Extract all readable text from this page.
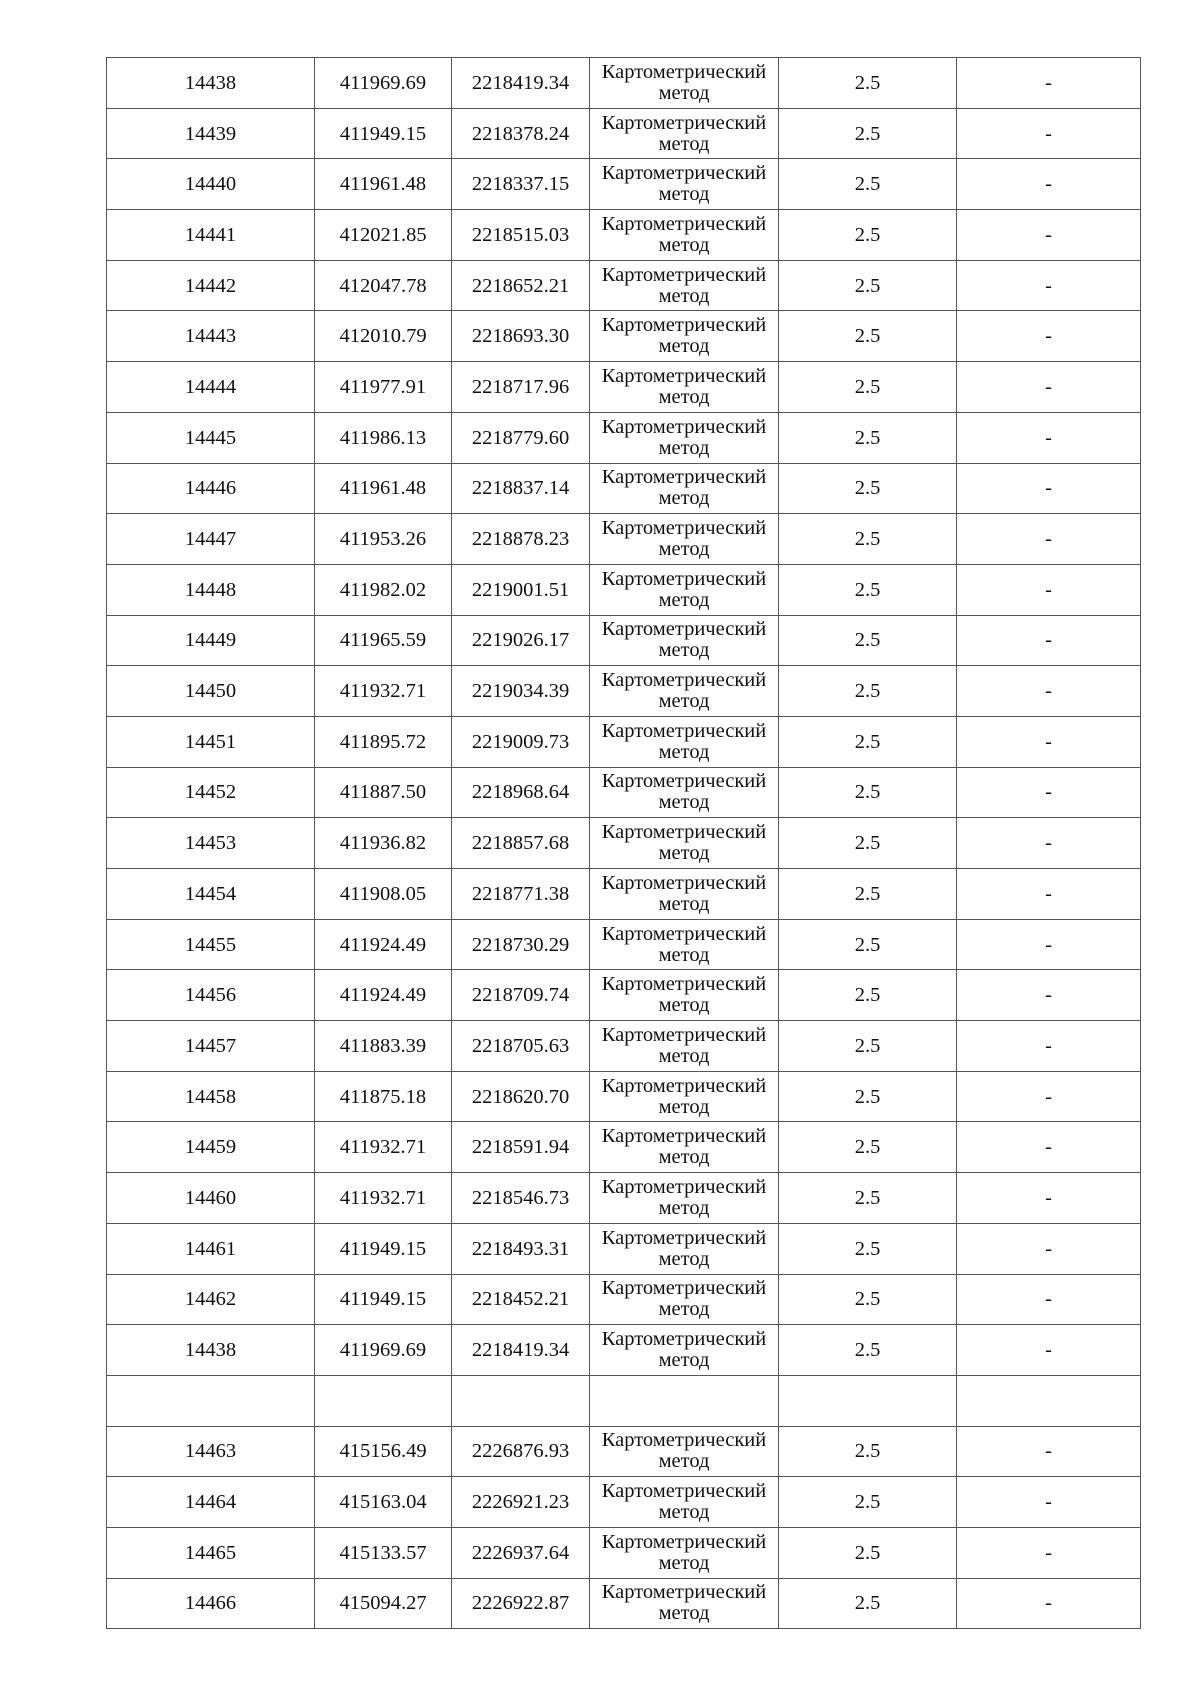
14438	411969.69	2218419.34	Картометрический
метод	2.5	-
14439	411949.15	2218378.24	Картометрический
метод	2.5	-
14440	411961.48	2218337.15	Картометрический
метод	2.5	-
14441	412021.85	2218515.03	Картометрический
метод	2.5	-
14442	412047.78	2218652.21	Картометрический
метод	2.5	-
14443	412010.79	2218693.30	Картометрический
метод	2.5	-
14444	411977.91	2218717.96	Картометрический
метод	2.5	-
14445	411986.13	2218779.60	Картометрический
метод	2.5	-
14446	411961.48	2218837.14	Картометрический
метод	2.5	-
14447	411953.26	2218878.23	Картометрический
метод	2.5	-
14448	411982.02	2219001.51	Картометрический
метод	2.5	-
14449	411965.59	2219026.17	Картометрический
метод	2.5	-
14450	411932.71	2219034.39	Картометрический
метод	2.5	-
14451	411895.72	2219009.73	Картометрический
метод	2.5	-
14452	411887.50	2218968.64	Картометрический
метод	2.5	-
14453	411936.82	2218857.68	Картометрический
метод	2.5	-
14454	411908.05	2218771.38	Картометрический
метод	2.5	-
14455	411924.49	2218730.29	Картометрический
метод	2.5	-
14456	411924.49	2218709.74	Картометрический
метод	2.5	-
14457	411883.39	2218705.63	Картометрический
метод	2.5	-
14458	411875.18	2218620.70	Картометрический
метод	2.5	-
14459	411932.71	2218591.94	Картометрический
метод	2.5	-
14460	411932.71	2218546.73	Картометрический
метод	2.5	-
14461	411949.15	2218493.31	Картометрический
метод	2.5	-
14462	411949.15	2218452.21	Картометрический
метод	2.5	-
14438	411969.69	2218419.34	Картометрический
метод	2.5	-

14463	415156.49	2226876.93	Картометрический
метод	2.5	-
14464	415163.04	2226921.23	Картометрический
метод	2.5	-
14465	415133.57	2226937.64	Картометрический
метод	2.5	-
14466	415094.27	2226922.87	Картометрический
метод	2.5	-
